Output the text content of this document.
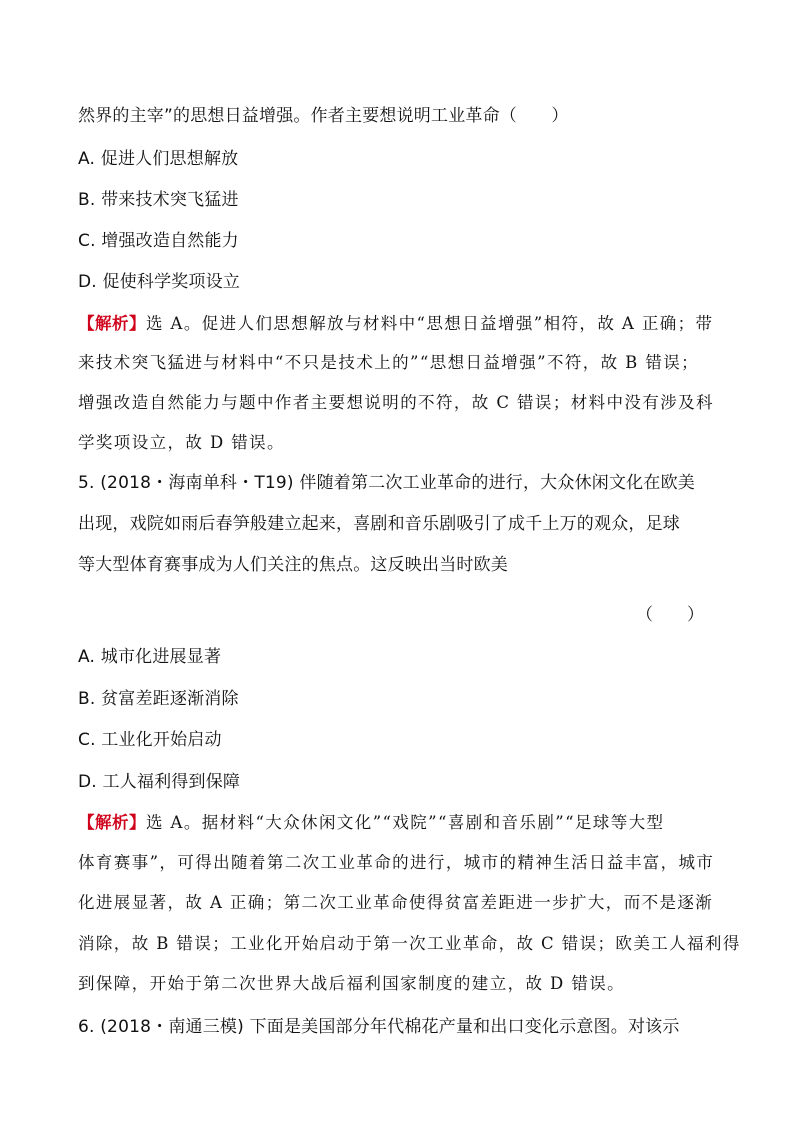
然界的主宰”的思想日益增强。作者主要想说明工业革命（　　）
A. 促进人们思想解放
B. 带来技术突飞猛进
C. 增强改造自然能力
D. 促使科学奖项设立
【解析】选 A。促进人们思想解放与材料中“思想日益增强”相符，故 A 正确；带
来技术突飞猛进与材料中“不只是技术上的”“思想日益增强”不符，故 B 错误；
增强改造自然能力与题中作者主要想说明的不符，故 C 错误；材料中没有涉及科
学奖项设立，故 D 错误。
5. (2018・海南单科・T19) 伴随着第二次工业革命的进行，大众休闲文化在欧美
出现，戏院如雨后春笋般建立起来，喜剧和音乐剧吸引了成千上万的观众，足球
等大型体育赛事成为人们关注的焦点。这反映出当时欧美
（　　）
A. 城市化进展显著
B. 贫富差距逐渐消除
C. 工业化开始启动
D. 工人福利得到保障
【解析】选 A。据材料“大众休闲文化”“戏院”“喜剧和音乐剧”“足球等大型
体育赛事”，可得出随着第二次工业革命的进行，城市的精神生活日益丰富，城市
化进展显著，故 A 正确；第二次工业革命使得贫富差距进一步扩大，而不是逐渐
消除，故 B 错误；工业化开始启动于第一次工业革命，故 C 错误；欧美工人福利得
到保障，开始于第二次世界大战后福利国家制度的建立，故 D 错误。
6. (2018・南通三模) 下面是美国部分年代棉花产量和出口变化示意图。对该示
